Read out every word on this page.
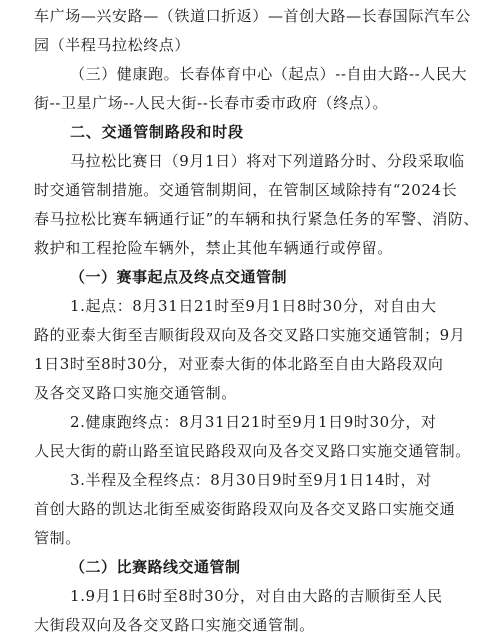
车广场—兴安路—（铁道口折返）—首创大路—长春国际汽车公
园（半程马拉松终点）
（三）健康跑。长春体育中心（起点）--自由大路--人民大
街--卫星广场--人民大街--长春市委市政府（终点）。
二、交通管制路段和时段
马拉松比赛日（9月1日）将对下列道路分时、分段采取临
时交通管制措施。交通管制期间，在管制区域除持有“2024长
春马拉松比赛车辆通行证”的车辆和执行紧急任务的军警、消防、
救护和工程抢险车辆外，禁止其他车辆通行或停留。
（一）赛事起点及终点交通管制
1.起点：8月31日21时至9月1日8时30分，对自由大
路的亚泰大街至吉顺街段双向及各交叉路口实施交通管制；9月
1日3时至8时30分，对亚泰大街的体北路至自由大路段双向
及各交叉路口实施交通管制。
2.健康跑终点：8月31日21时至9月1日9时30分，对
人民大街的蔚山路至谊民路段双向及各交叉路口实施交通管制。
3.半程及全程终点：8月30日9时至9月1日14时，对
首创大路的凯达北街至威姿街路段双向及各交叉路口实施交通
管制。
（二）比赛路线交通管制
1.9月1日6时至8时30分，对自由大路的吉顺街至人民
大街段双向及各交叉路口实施交通管制。
